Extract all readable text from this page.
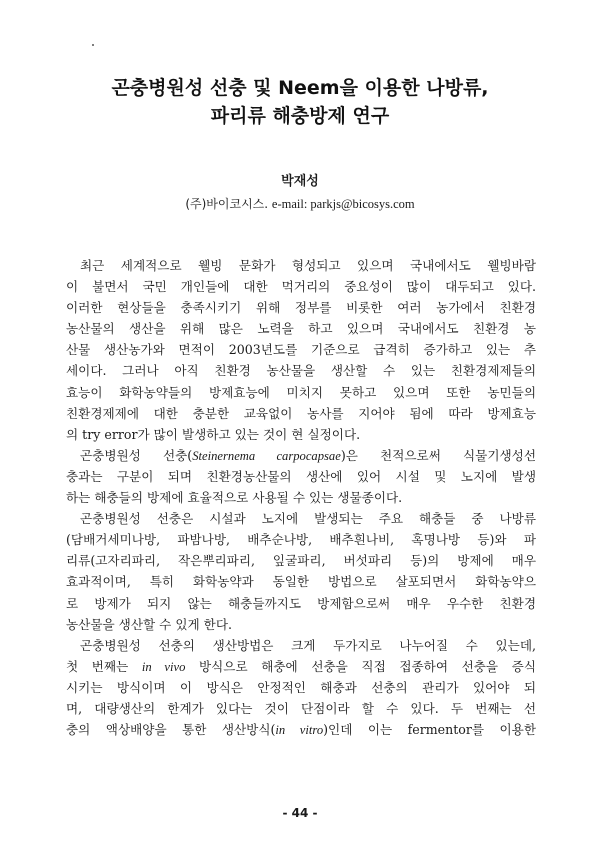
곤충병원성 선충 및 Neem을 이용한 나방류,
파리류 해충방제 연구
박재성
(주)바이코시스. e-mail: parkjs@bicosys.com
최근 세계적으로 웰빙 문화가 형성되고 있으며 국내에서도 웰빙바람
이 불면서 국민 개인들에 대한 먹거리의 중요성이 많이 대두되고 있다.
이러한 현상들을 충족시키기 위해 정부를 비롯한 여러 농가에서 친환경
농산물의 생산을 위해 많은 노력을 하고 있으며 국내에서도 친환경 농
산물 생산농가와 면적이 2003년도를 기준으로 급격히 증가하고 있는 추
세이다. 그러나 아직 친환경 농산물을 생산할 수 있는 친환경제제들의
효능이 화학농약들의 방제효능에 미치지 못하고 있으며 또한 농민들의
친환경제제에 대한 충분한 교육없이 농사를 지어야 됨에 따라 방제효능
의 try error가 많이 발생하고 있는 것이 현 실정이다.
곤충병원성 선충(Steinernema carpocapsae)은 천적으로써 식물기생성선
충과는 구분이 되며 친환경농산물의 생산에 있어 시설 및 노지에 발생
하는 해충들의 방제에 효율적으로 사용될 수 있는 생물종이다.
곤충병원성 선충은 시설과 노지에 발생되는 주요 해충들 중 나방류
(담배거세미나방, 파밤나방, 배추순나방, 배추흰나비, 혹명나방 등)와 파
리류(고자리파리, 작은뿌리파리, 잎굴파리, 버섯파리 등)의 방제에 매우
효과적이며, 특히 화학농약과 동일한 방법으로 살포되면서 화학농약으
로 방제가 되지 않는 해충들까지도 방제함으로써 매우 우수한 친환경
농산물을 생산할 수 있게 한다.
곤충병원성 선충의 생산방법은 크게 두가지로 나누어질 수 있는데,
첫 번째는 in vivo 방식으로 해충에 선충을 직접 접종하여 선충을 증식
시키는 방식이며 이 방식은 안정적인 해충과 선충의 관리가 있어야 되
며, 대량생산의 한계가 있다는 것이 단점이라 할 수 있다. 두 번째는 선
충의 액상배양을 통한 생산방식(in vitro)인데 이는 fermentor를 이용한
- 44 -
